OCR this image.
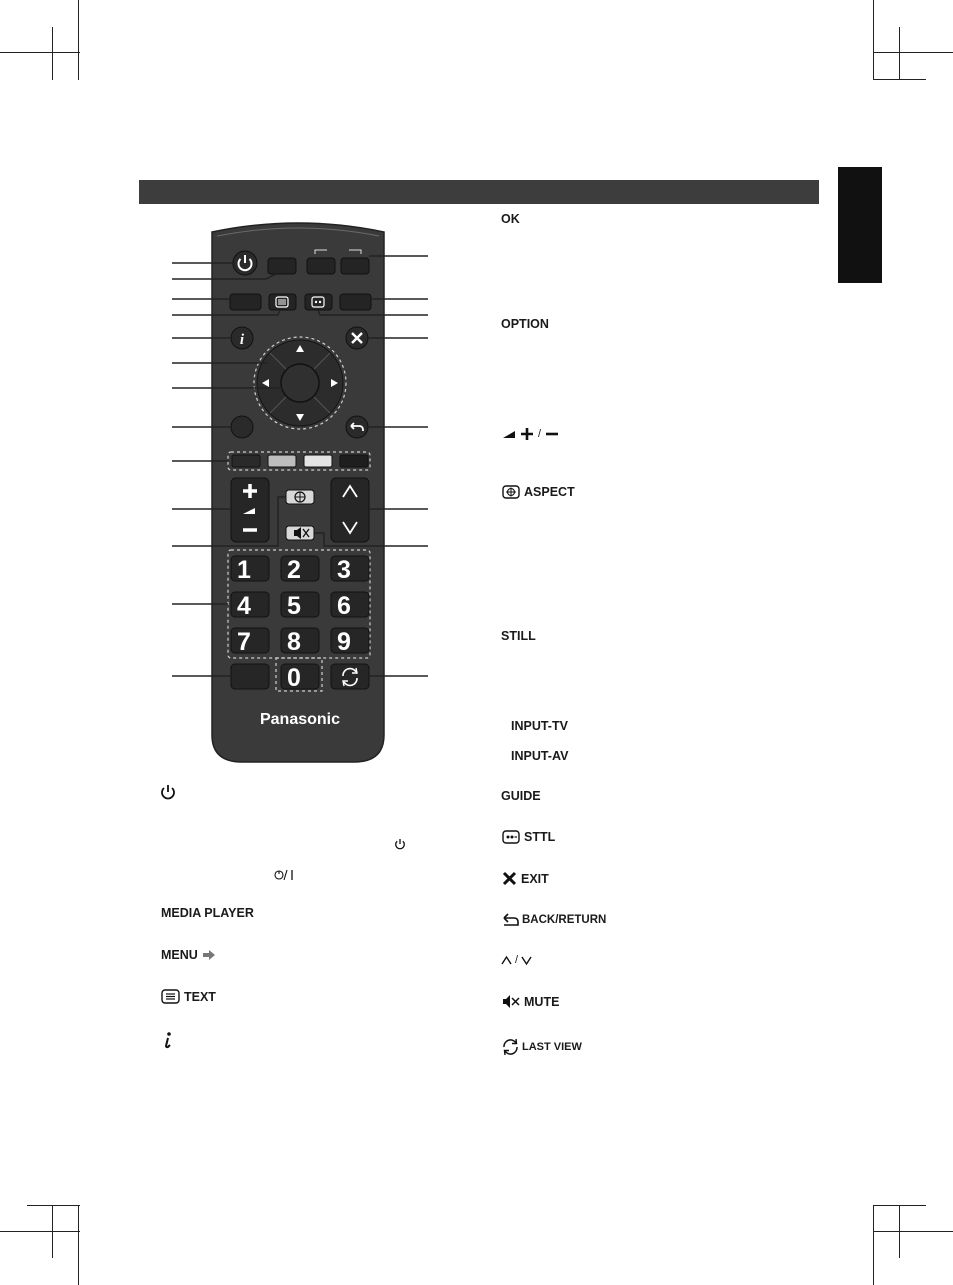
i
1 2 3
4 5 6
7 8 9
0
Panasonic
MEDIA PLAYER
MENU
TEXT
OK
OPTION
/
ASPECT
STILL
INPUT-TV
INPUT-AV
GUIDE
STTL
EXIT
BACK/RETURN
/
MUTE
LAST VIEW
